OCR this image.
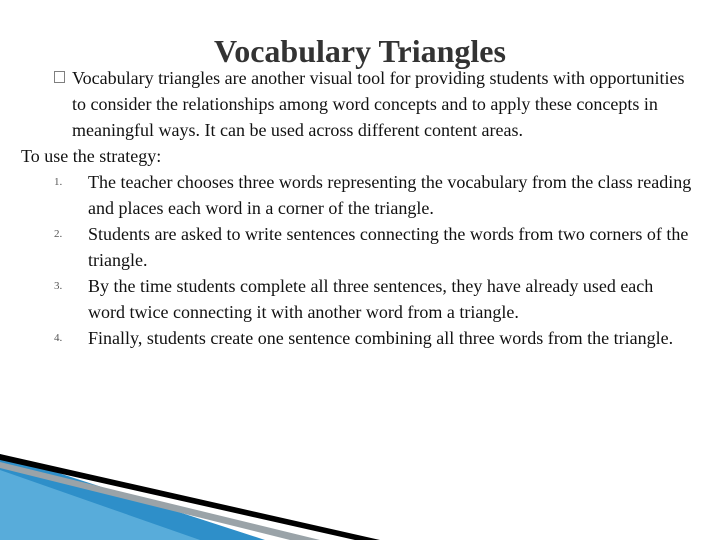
Vocabulary Triangles

Vocabulary triangles are another visual tool for providing students with opportunities to consider the relationships among word concepts and to apply these concepts in meaningful ways. It can be used across different content areas.

To use the strategy:

1. The teacher chooses three words representing the vocabulary from the class reading and places each word in a corner of the triangle.
2. Students are asked to write sentences connecting the words from two corners of the triangle.
3. By the time students complete all three sentences, they have already used each word twice connecting it with another word from a triangle.
4. Finally, students create one sentence combining all three words from the triangle.
